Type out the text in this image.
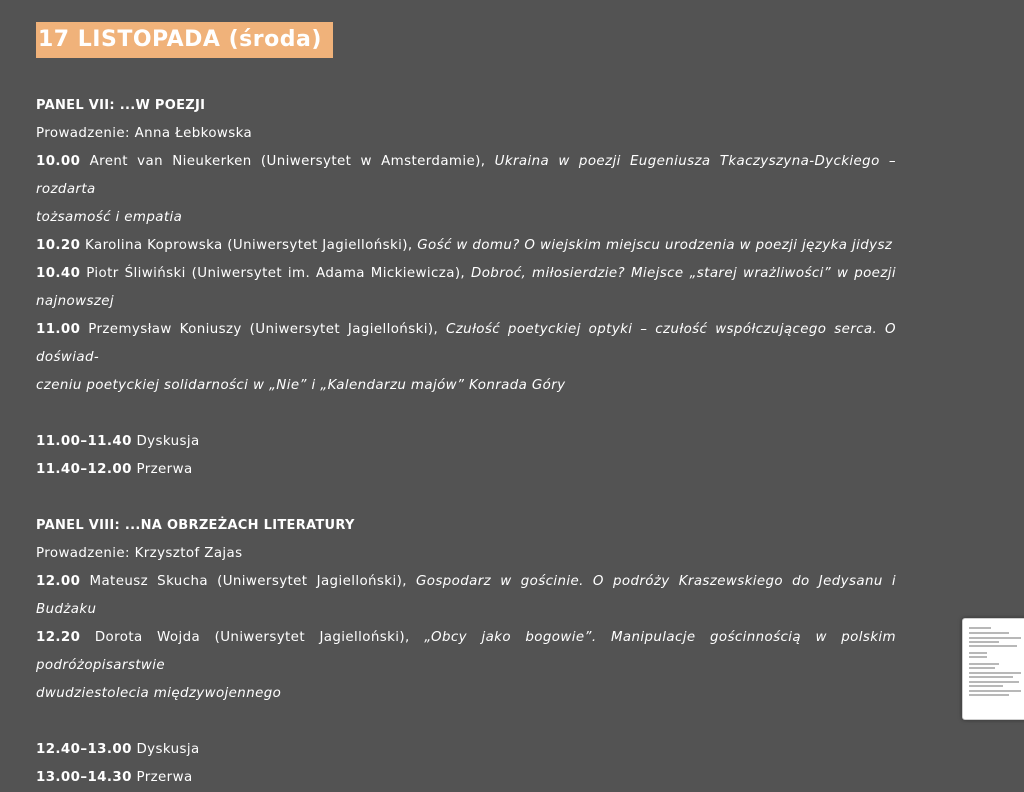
17 LISTOPADA (środa)
PANEL VII: ...W POEZJI
Prowadzenie: Anna Łebkowska
10.00 Arent van Nieukerken (Uniwersytet w Amsterdamie), Ukraina w poezji Eugeniusza Tkaczyszyna-Dyckiego – rozdarta
tożsamość i empatia
10.20 Karolina Koprowska (Uniwersytet Jagielloński), Gość w domu? O wiejskim miejscu urodzenia w poezji języka jidysz
10.40 Piotr Śliwiński (Uniwersytet im. Adama Mickiewicza), Dobroć, miłosierdzie? Miejsce „starej wrażliwości” w poezji
najnowszej
11.00 Przemysław Koniuszy (Uniwersytet Jagielloński), Czułość poetyckiej optyki – czułość współczującego serca. O doświad-
czeniu poetyckiej solidarności w „Nie” i „Kalendarzu majów” Konrada Góry
11.00–11.40 Dyskusja
11.40–12.00 Przerwa
PANEL VIII: ...NA OBRZEŻACH LITERATURY
Prowadzenie: Krzysztof Zajas
12.00 Mateusz Skucha (Uniwersytet Jagielloński), Gospodarz w gościnie. O podróży Kraszewskiego do Jedysanu i Budżaku
12.20 Dorota Wojda (Uniwersytet Jagielloński), „Obcy jako bogowie”. Manipulacje gościnnością w polskim podróżopisarstwie
dwudziestolecia międzywojennego
12.40–13.00 Dyskusja
13.00–14.30 Przerwa
